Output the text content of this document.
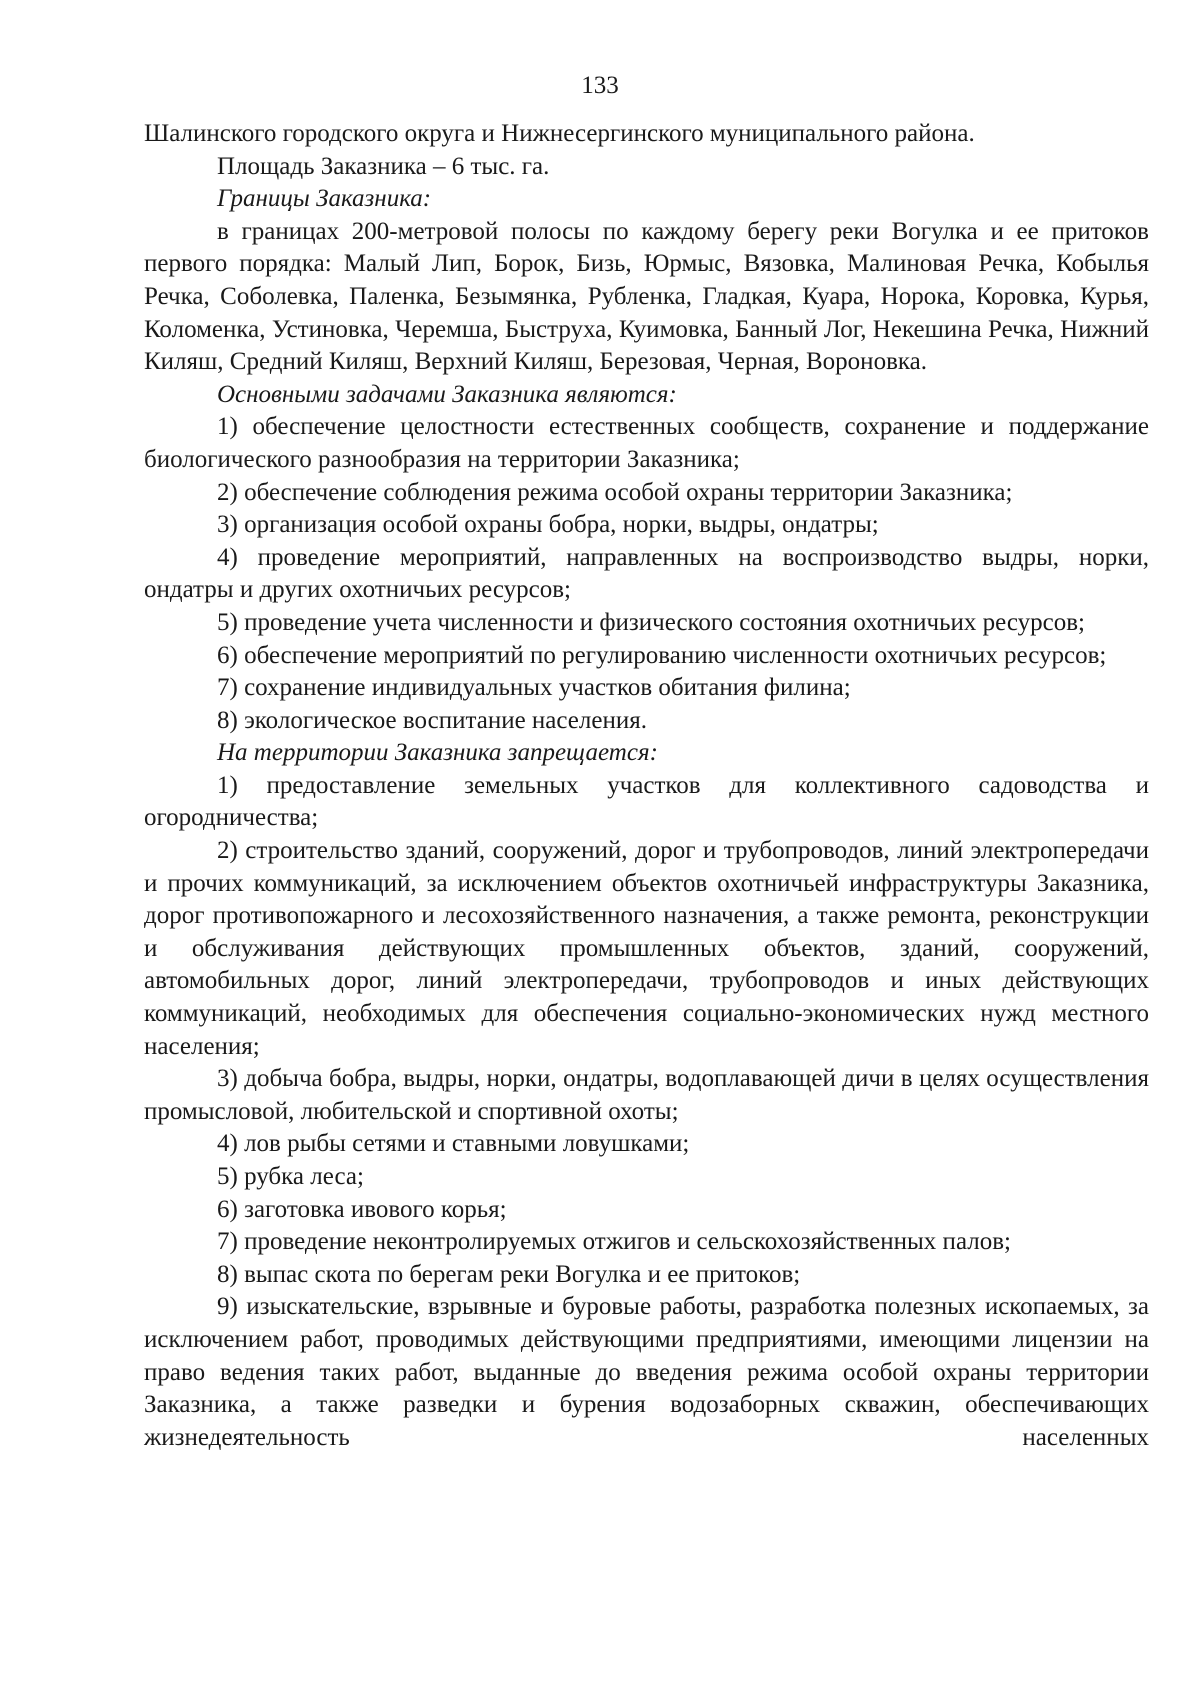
133

Шалинского городского округа и Нижнесергинского муниципального района.

Площадь Заказника – 6 тыс. га.

Границы Заказника:

в границах 200-метровой полосы по каждому берегу реки Вогулка и ее притоков первого порядка: Малый Лип, Борок, Бизь, Юрмыс, Вязовка, Малиновая Речка, Кобылья Речка, Соболевка, Паленка, Безымянка, Рубленка, Гладкая, Куара, Норока, Коровка, Курья, Коломенка, Устиновка, Черемша, Быструха, Куимовка, Банный Лог, Некешина Речка, Нижний Киляш, Средний Киляш, Верхний Киляш, Березовая, Черная, Вороновка.

Основными задачами Заказника являются:

1) обеспечение целостности естественных сообществ, сохранение и поддержание биологического разнообразия на территории Заказника;

2) обеспечение соблюдения режима особой охраны территории Заказника;

3) организация особой охраны бобра, норки, выдры, ондатры;

4) проведение мероприятий, направленных на воспроизводство выдры, норки, ондатры и других охотничьих ресурсов;

5) проведение учета численности и физического состояния охотничьих ресурсов;

6) обеспечение мероприятий по регулированию численности охотничьих ресурсов;

7) сохранение индивидуальных участков обитания филина;

8) экологическое воспитание населения.

На территории Заказника запрещается:

1) предоставление земельных участков для коллективного садоводства и огородничества;

2) строительство зданий, сооружений, дорог и трубопроводов, линий электропередачи и прочих коммуникаций, за исключением объектов охотничьей инфраструктуры Заказника, дорог противопожарного и лесохозяйственного назначения, а также ремонта, реконструкции и обслуживания действующих промышленных объектов, зданий, сооружений, автомобильных дорог, линий электропередачи, трубопроводов и иных действующих коммуникаций, необходимых для обеспечения социально-экономических нужд местного населения;

3) добыча бобра, выдры, норки, ондатры, водоплавающей дичи в целях осуществления промысловой, любительской и спортивной охоты;

4) лов рыбы сетями и ставными ловушками;

5) рубка леса;

6) заготовка ивового корья;

7) проведение неконтролируемых отжигов и сельскохозяйственных палов;

8) выпас скота по берегам реки Вогулка и ее притоков;

9) изыскательские, взрывные и буровые работы, разработка полезных ископаемых, за исключением работ, проводимых действующими предприятиями, имеющими лицензии на право ведения таких работ, выданные до введения режима особой охраны территории Заказника, а также разведки и бурения водозаборных скважин, обеспечивающих жизнедеятельность населенных
